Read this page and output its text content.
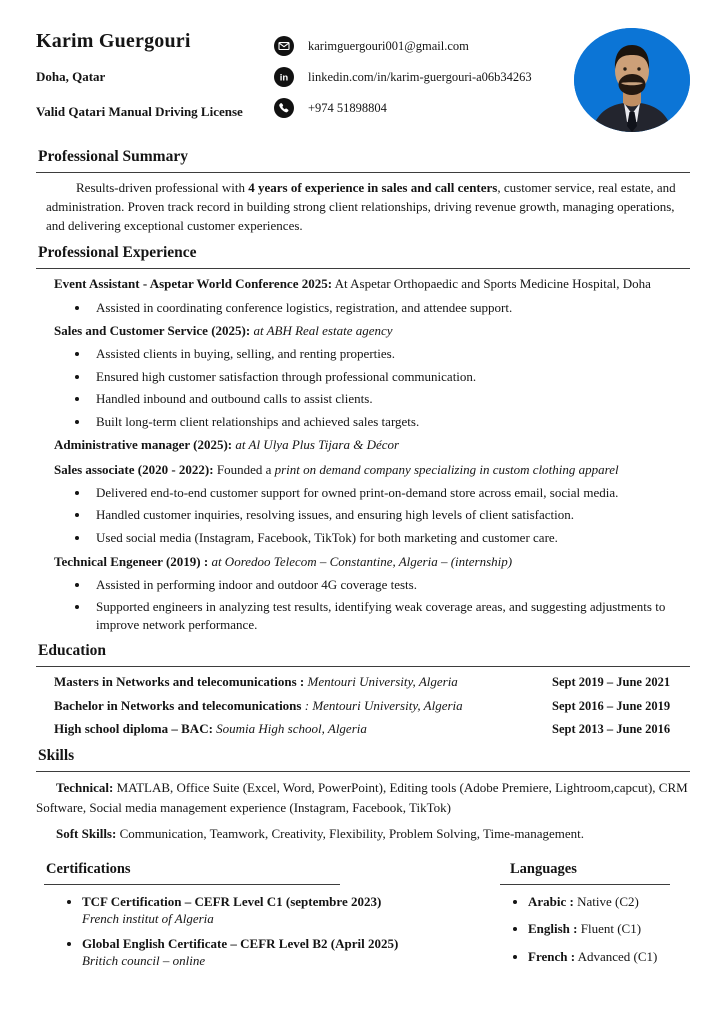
Karim Guergouri
Doha, Qatar
Valid Qatari Manual Driving License
karimguergouri001@gmail.com
in linkedin.com/in/karim-guergouri-a06b34263
+974 51898804
Professional Summary

Results-driven professional with 4 years of experience in sales and call centers, customer service, real estate, and administration. Proven track record in building strong client relationships, driving revenue growth, managing operations, and delivering exceptional customer experiences.

Professional Experience
Event Assistant - Aspetar World Conference 2025: At Aspetar Orthopaedic and Sports Medicine Hospital, Doha
• Assisted in coordinating conference logistics, registration, and attendee support.
Sales and Customer Service (2025): at ABH Real estate agency
• Assisted clients in buying, selling, and renting properties.
• Ensured high customer satisfaction through professional communication.
• Handled inbound and outbound calls to assist clients.
• Built long-term client relationships and achieved sales targets.
Administrative manager (2025): at Al Ulya Plus Tijara & Décor
Sales associate (2020 - 2022): Founded a print on demand company specializing in custom clothing apparel
• Delivered end-to-end customer support for owned print-on-demand store across email, social media.
• Handled customer inquiries, resolving issues, and ensuring high levels of client satisfaction.
• Used social media (Instagram, Facebook, TikTok) for both marketing and customer care.
Technical Engeneer (2019) : at Ooredoo Telecom – Constantine, Algeria – (internship)
• Assisted in performing indoor and outdoor 4G coverage tests.
• Supported engineers in analyzing test results, identifying weak coverage areas, and suggesting adjustments to improve network performance.
Education
Masters in Networks and telecomunications : Mentouri University, Algeria	Sept 2019 – June 2021
Bachelor in Networks and telecomunications : Mentouri University, Algeria	Sept 2016 – June 2019
High school diploma – BAC: Soumia High school, Algeria	Sept 2013 – June 2016
Skills
Technical: MATLAB, Office Suite (Excel, Word, PowerPoint), Editing tools (Adobe Premiere, Lightroom,capcut), CRM Software, Social media management experience (Instagram, Facebook, TikTok)
Soft Skills: Communication, Teamwork, Creativity, Flexibility, Problem Solving, Time-management.
Certifications
• TCF Certification – CEFR Level C1 (septembre 2023)
French institut of Algeria
• Global English Certificate – CEFR Level B2 (April 2025)
Britich council – online
Languages
• Arabic : Native (C2)
• English : Fluent (C1)
• French : Advanced (C1)
